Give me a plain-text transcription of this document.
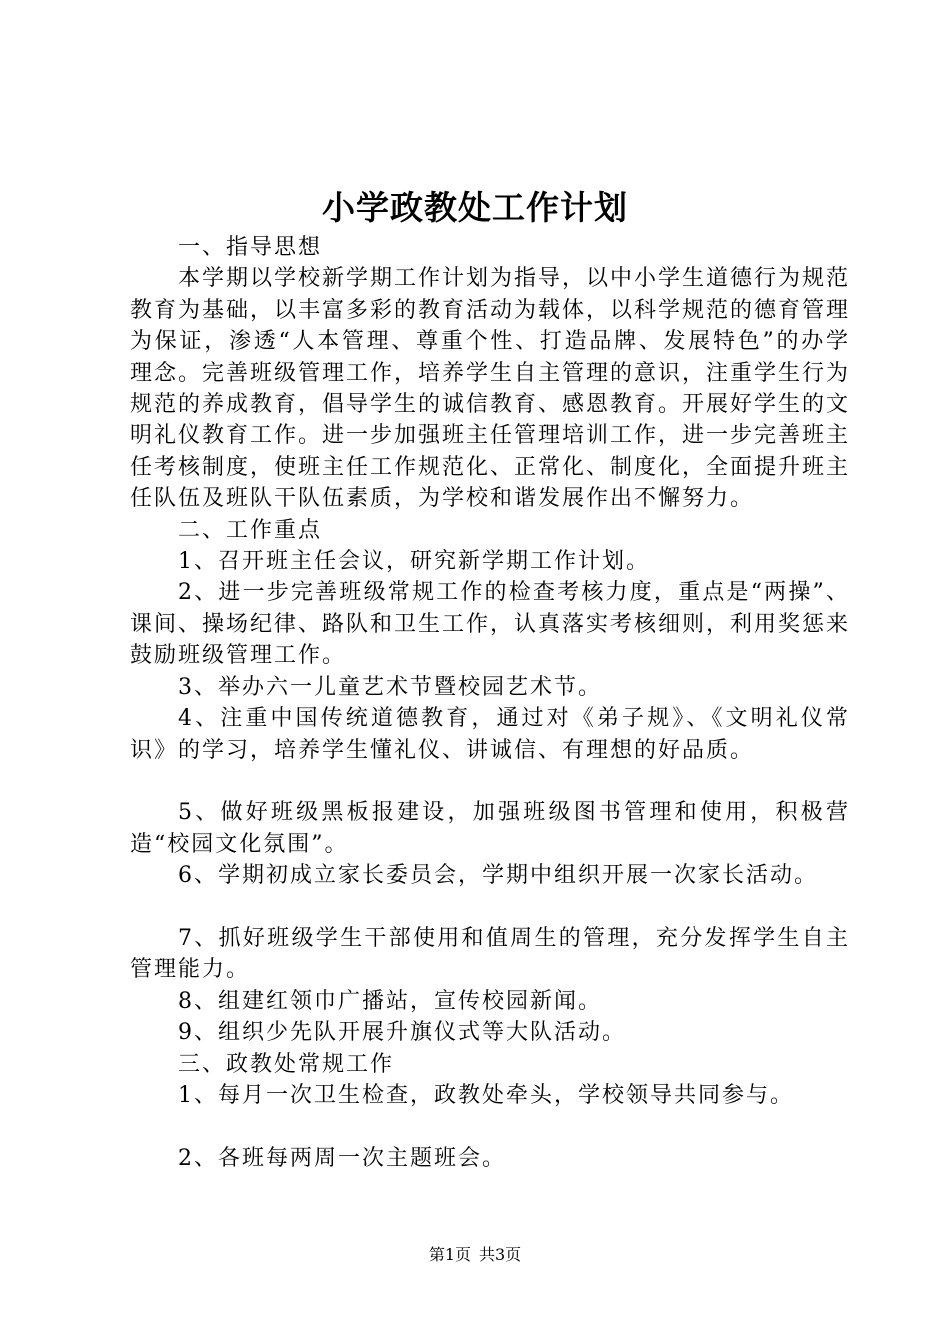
小学政教处工作计划

一、指导思想

本学期以学校新学期工作计划为指导，以中小学生道德行为规范教育为基础，以丰富多彩的教育活动为载体，以科学规范的德育管理为保证，渗透“人本管理、尊重个性、打造品牌、发展特色”的办学理念。完善班级管理工作，培养学生自主管理的意识，注重学生行为规范的养成教育，倡导学生的诚信教育、感恩教育。开展好学生的文明礼仪教育工作。进一步加强班主任管理培训工作，进一步完善班主任考核制度，使班主任工作规范化、正常化、制度化，全面提升班主任队伍及班队干队伍素质，为学校和谐发展作出不懈努力。

二、工作重点

1、召开班主任会议，研究新学期工作计划。

2、进一步完善班级常规工作的检查考核力度，重点是“两操”、课间、操场纪律、路队和卫生工作，认真落实考核细则，利用奖惩来鼓励班级管理工作。

3、举办六一儿童艺术节暨校园艺术节。

4、注重中国传统道德教育，通过对《弟子规》、《文明礼仪常识》的学习，培养学生懂礼仪、讲诚信、有理想的好品质。

5、做好班级黑板报建设，加强班级图书管理和使用，积极营造“校园文化氛围”。

6、学期初成立家长委员会，学期中组织开展一次家长活动。

7、抓好班级学生干部使用和值周生的管理，充分发挥学生自主管理能力。

8、组建红领巾广播站，宣传校园新闻。

9、组织少先队开展升旗仪式等大队活动。

三、政教处常规工作

1、每月一次卫生检查，政教处牵头，学校领导共同参与。

2、各班每两周一次主题班会。

第1页 共3页
